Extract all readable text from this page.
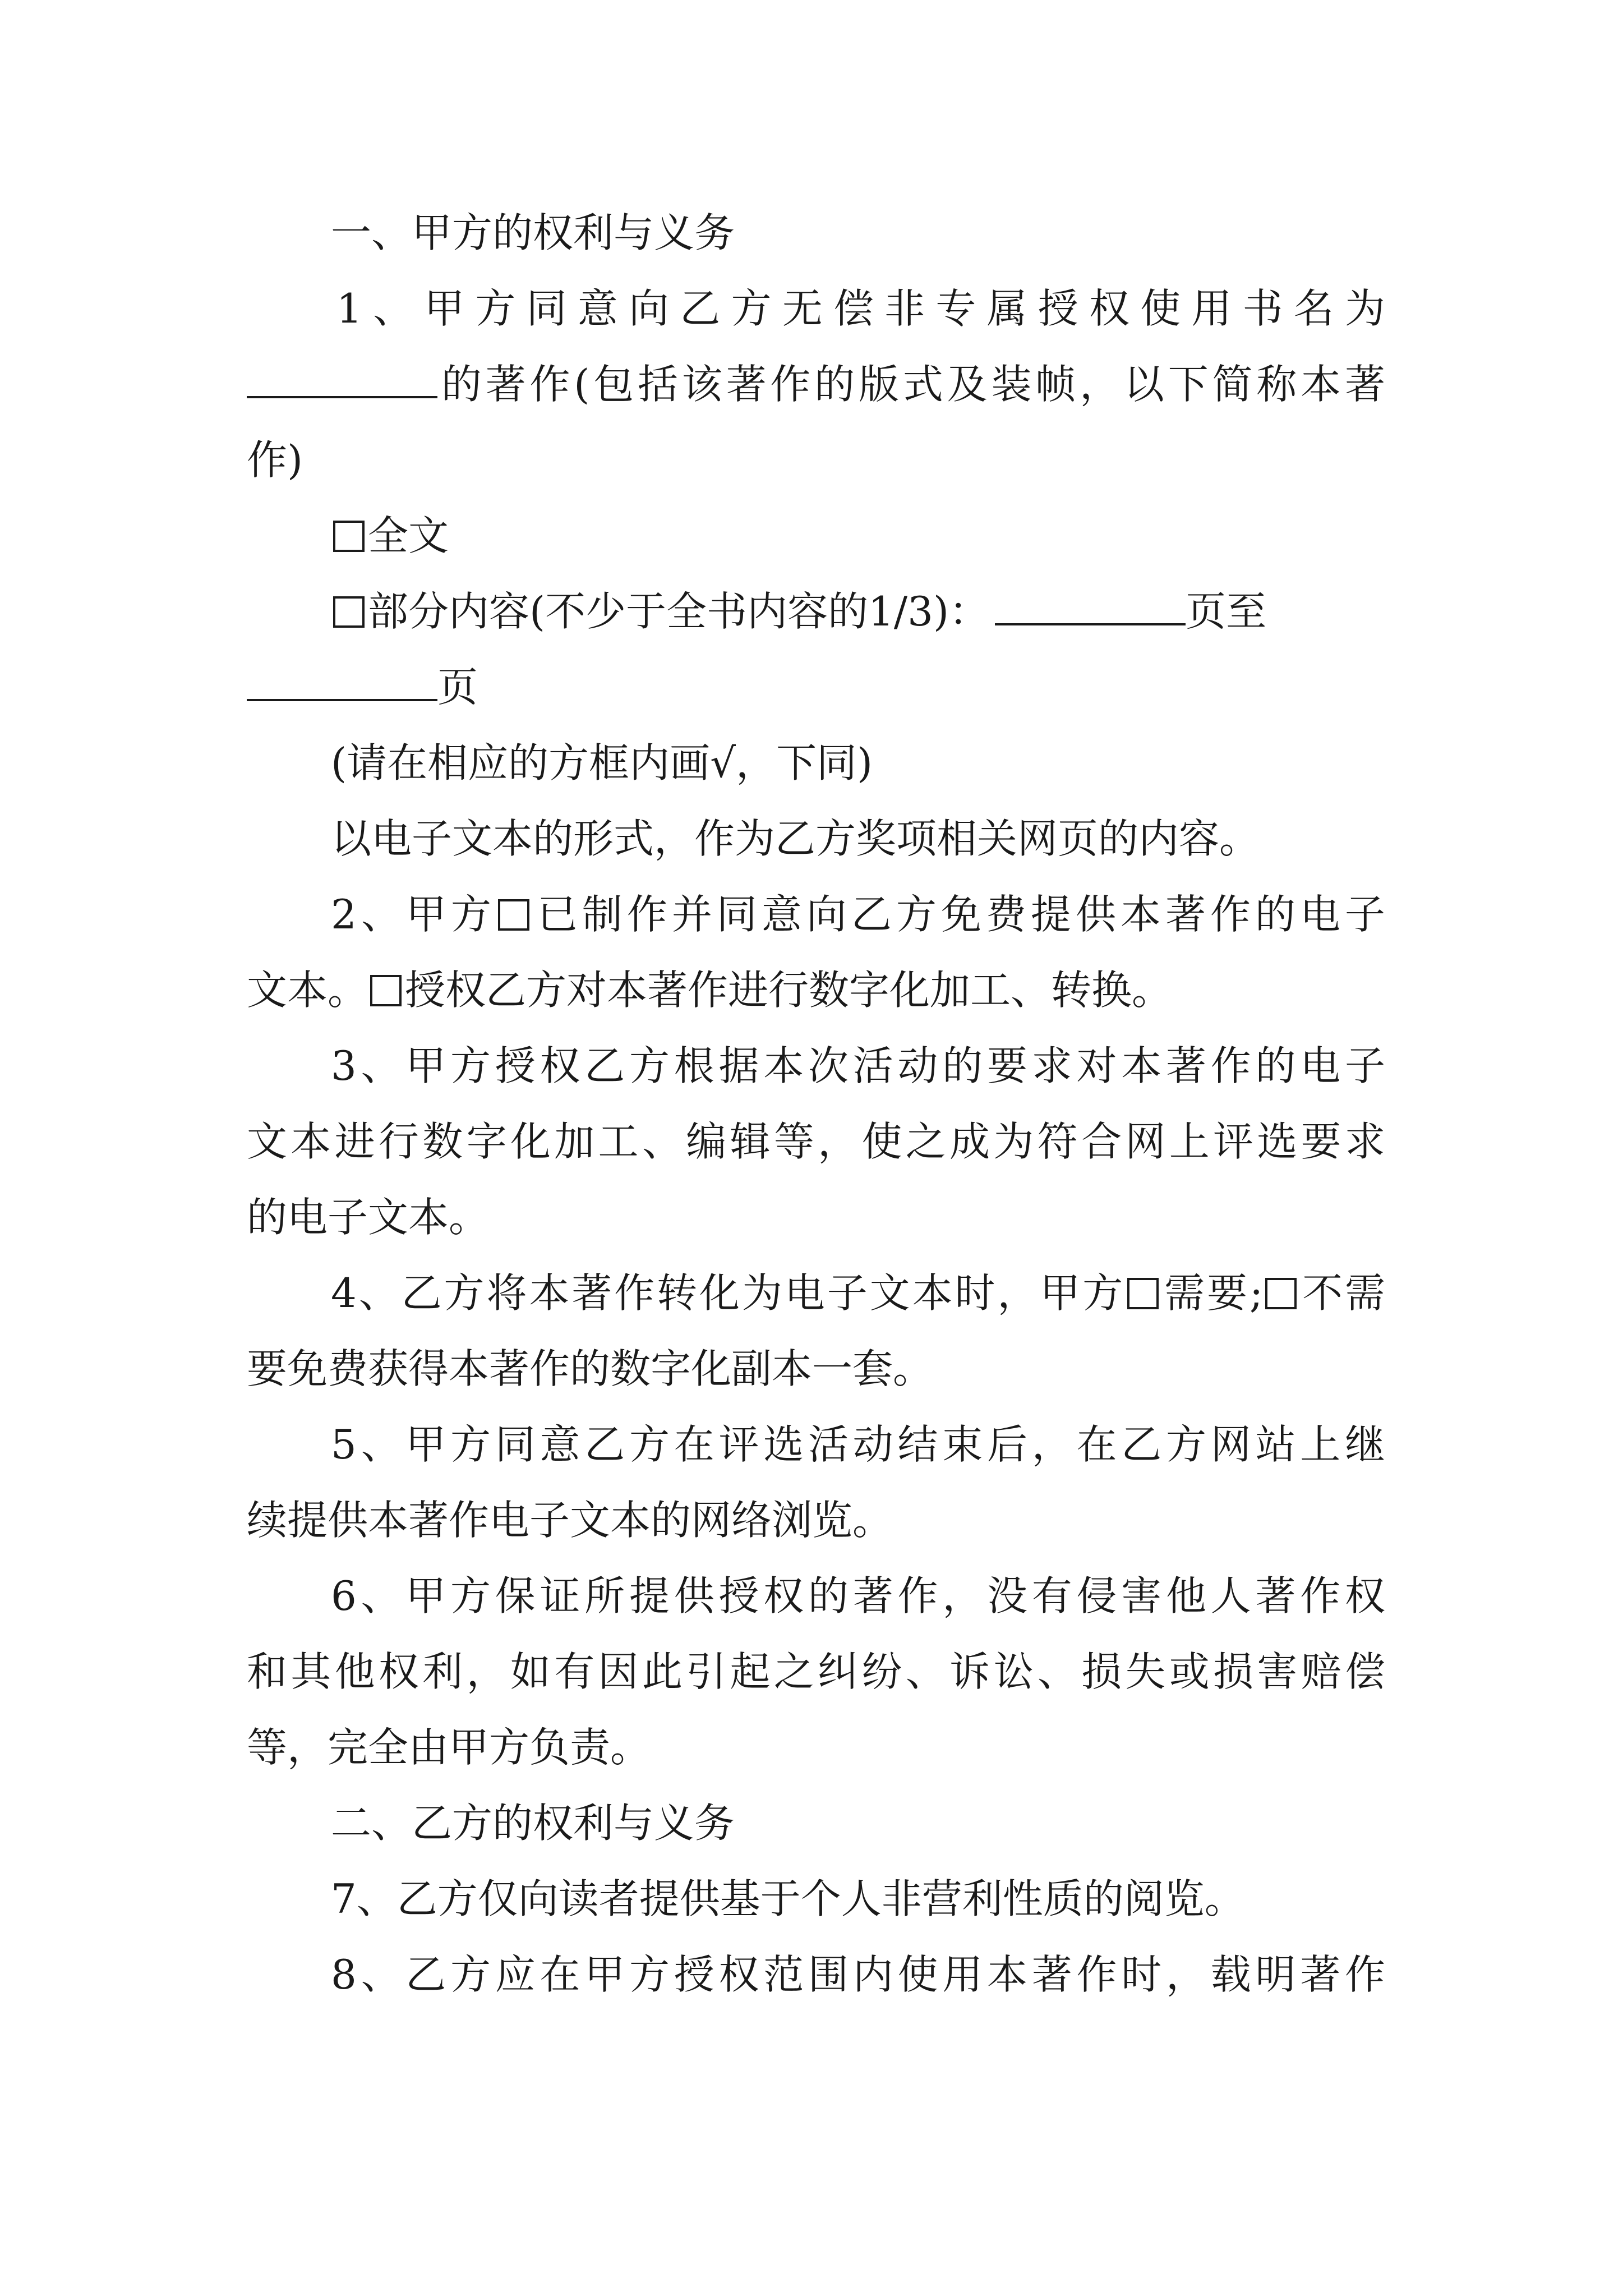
一、甲方的权利与义务
1、甲方同意向乙方无偿非专属授权使用书名为
的著作(包括该著作的版式及装帧，以下简称本著
作)
全文
部分内容(不少于全书内容的1/3)：	页至
页
(请在相应的方框内画√，下同)
以电子文本的形式，作为乙方奖项相关网页的内容。
2、甲方 已制作并同意向乙方免费提供本著作的电子
文本。 授权乙方对本著作进行数字化加工、转换。
3、甲方授权乙方根据本次活动的要求对本著作的电子
文本进行数字化加工、编辑等，使之成为符合网上评选要求
的电子文本。
4、乙方将本著作转化为电子文本时，甲方 需要; 不需
要免费获得本著作的数字化副本一套。
5、甲方同意乙方在评选活动结束后，在乙方网站上继
续提供本著作电子文本的网络浏览。
6、甲方保证所提供授权的著作，没有侵害他人著作权
和其他权利，如有因此引起之纠纷、诉讼、损失或损害赔偿
等，完全由甲方负责。
二、乙方的权利与义务
7、乙方仅向读者提供基于个人非营利性质的阅览。
8、乙方应在甲方授权范围内使用本著作时，载明著作
